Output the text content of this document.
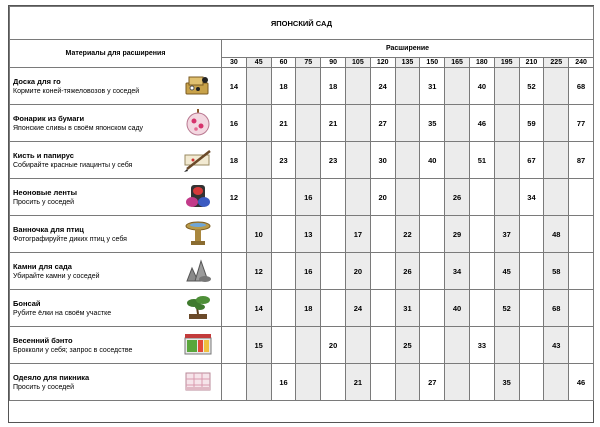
ЯПОНСКИЙ САД																
Материалы для расширения		Расширение														
		30	45	60	75	90	105	120	135	150	165	180	195	210	225	240

Доска для го
Кормите коней-тяжеловозов у соседей		14		18		18		24		31		40		52		68

Фонарик из бумаги
Японские сливы в своём японском саду		16		21		21		27		35		46		59		77

Кисть и папирус
Собирайте красные гиацинты у себя		18		23		23		30		40		51		67		87

Неоновые ленты
Просить у соседей		12			16			20			26			34		

Ванночка для птиц
Фотографируйте диких птиц у себя			10		13		17		22		29		37		48	

Камни для сада
Убирайте камни у соседей			12		16		20		26		34		45		58	

Бонсай
Рубите ёлки на своём участке			14		18		24		31		40		52		68	

Весенний бэнто
Брокколи у себя; запрос в соседстве			15			20			25			33			43	

Одеяло для пикника
Просить у соседей				16			21			27			35			46
